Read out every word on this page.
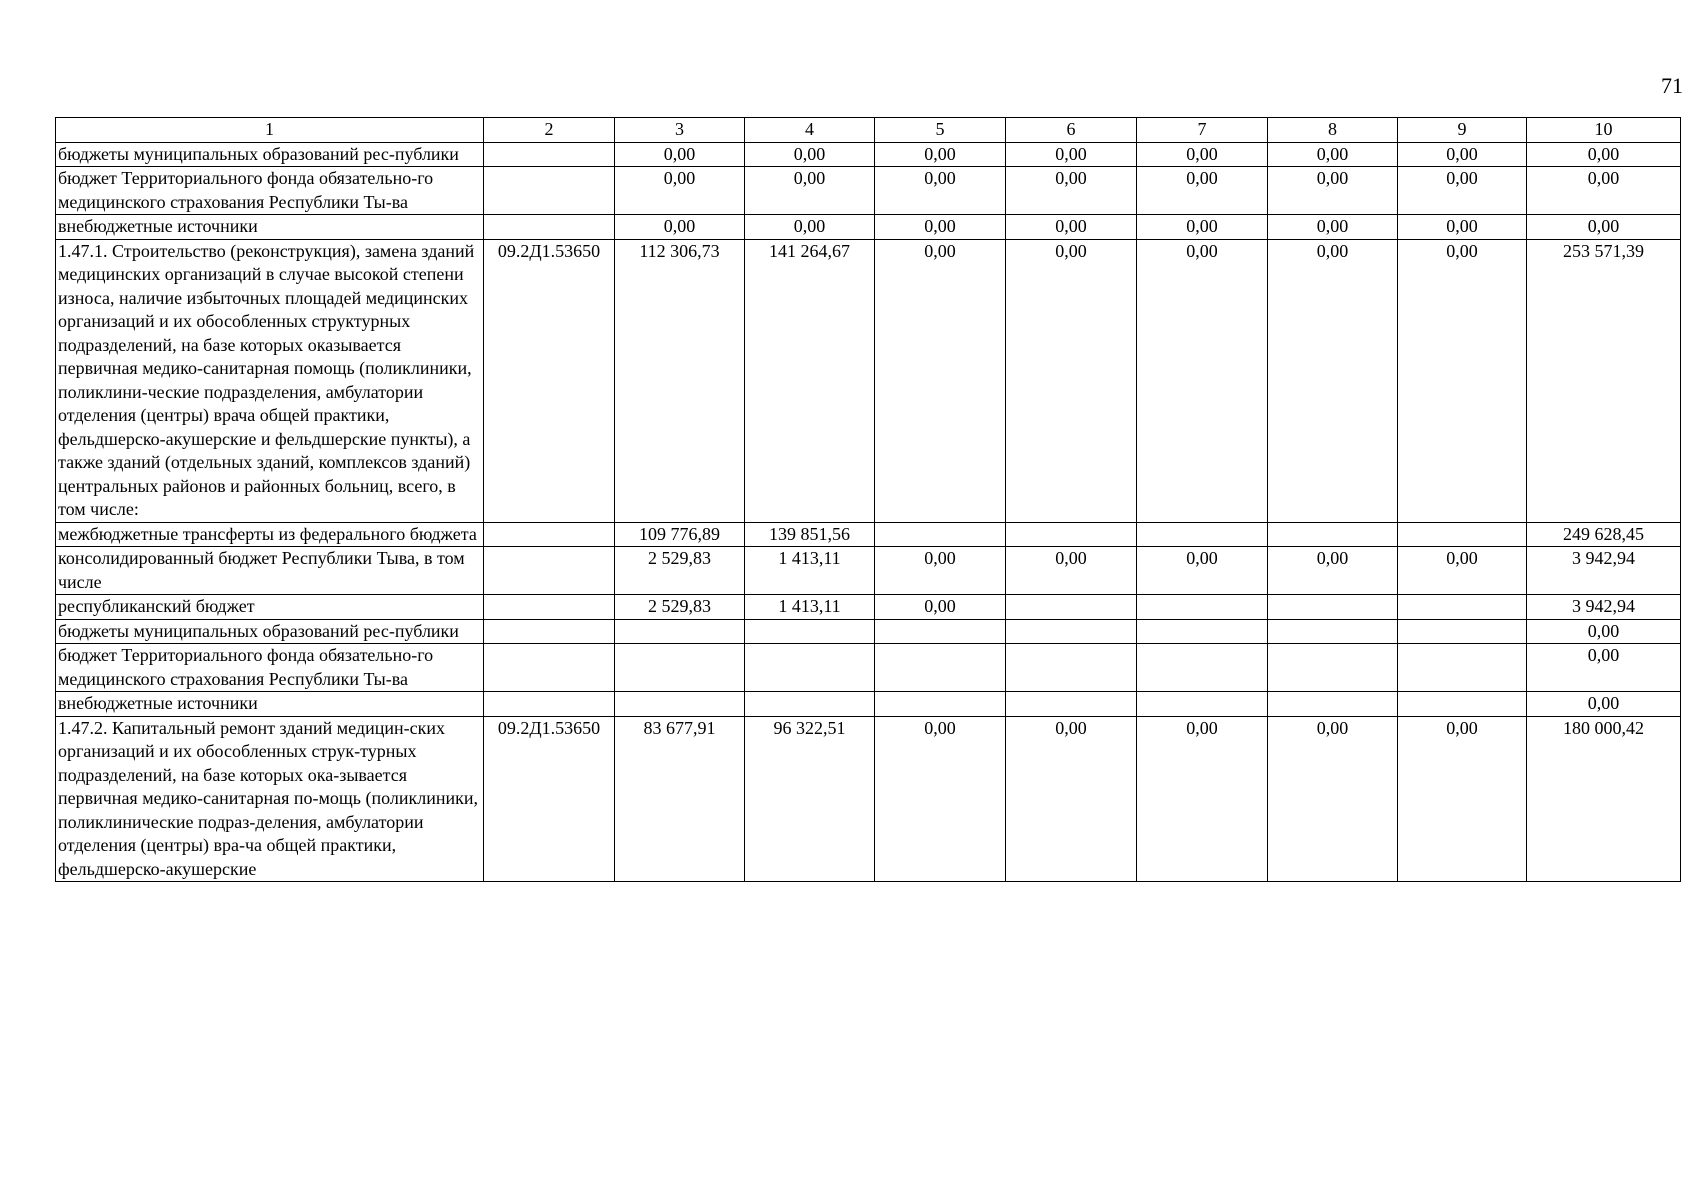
71
1	2	3	4	5	6	7	8	9	10
бюджеты муниципальных образований рес-публики		0,00	0,00	0,00	0,00	0,00	0,00	0,00	0,00
бюджет Территориального фонда обязательно-го медицинского страхования Республики Ты-ва		0,00	0,00	0,00	0,00	0,00	0,00	0,00	0,00
внебюджетные источники		0,00	0,00	0,00	0,00	0,00	0,00	0,00	0,00
1.47.1. Строительство (реконструкция), замена зданий медицинских организаций в случае высокой степени износа, наличие избыточных площадей медицинских организаций и их обособленных структурных подразделений, на базе которых оказывается первичная медико-санитарная помощь (поликлиники, поликлини-ческие подразделения, амбулатории отделения (центры) врача общей практики, фельдшерско-акушерские и фельдшерские пункты), а также зданий (отдельных зданий, комплексов зданий) центральных районов и районных больниц, всего, в том числе:	09.2Д1.53650	112 306,73	141 264,67	0,00	0,00	0,00	0,00	0,00	253 571,39
межбюджетные трансферты из федерального бюджета		109 776,89	139 851,56						249 628,45
консолидированный бюджет Республики Тыва, в том числе		2 529,83	1 413,11	0,00	0,00	0,00	0,00	0,00	3 942,94
республиканский бюджет		2 529,83	1 413,11	0,00					3 942,94
бюджеты муниципальных образований рес-публики									0,00
бюджет Территориального фонда обязательно-го медицинского страхования Республики Ты-ва									0,00
внебюджетные источники									0,00
1.47.2. Капитальный ремонт зданий медицин-ских организаций и их обособленных струк-турных подразделений, на базе которых ока-зывается первичная медико-санитарная по-мощь (поликлиники, поликлинические подраз-деления, амбулатории отделения (центры) вра-ча общей практики, фельдшерско-акушерские	09.2Д1.53650	83 677,91	96 322,51	0,00	0,00	0,00	0,00	0,00	180 000,42
